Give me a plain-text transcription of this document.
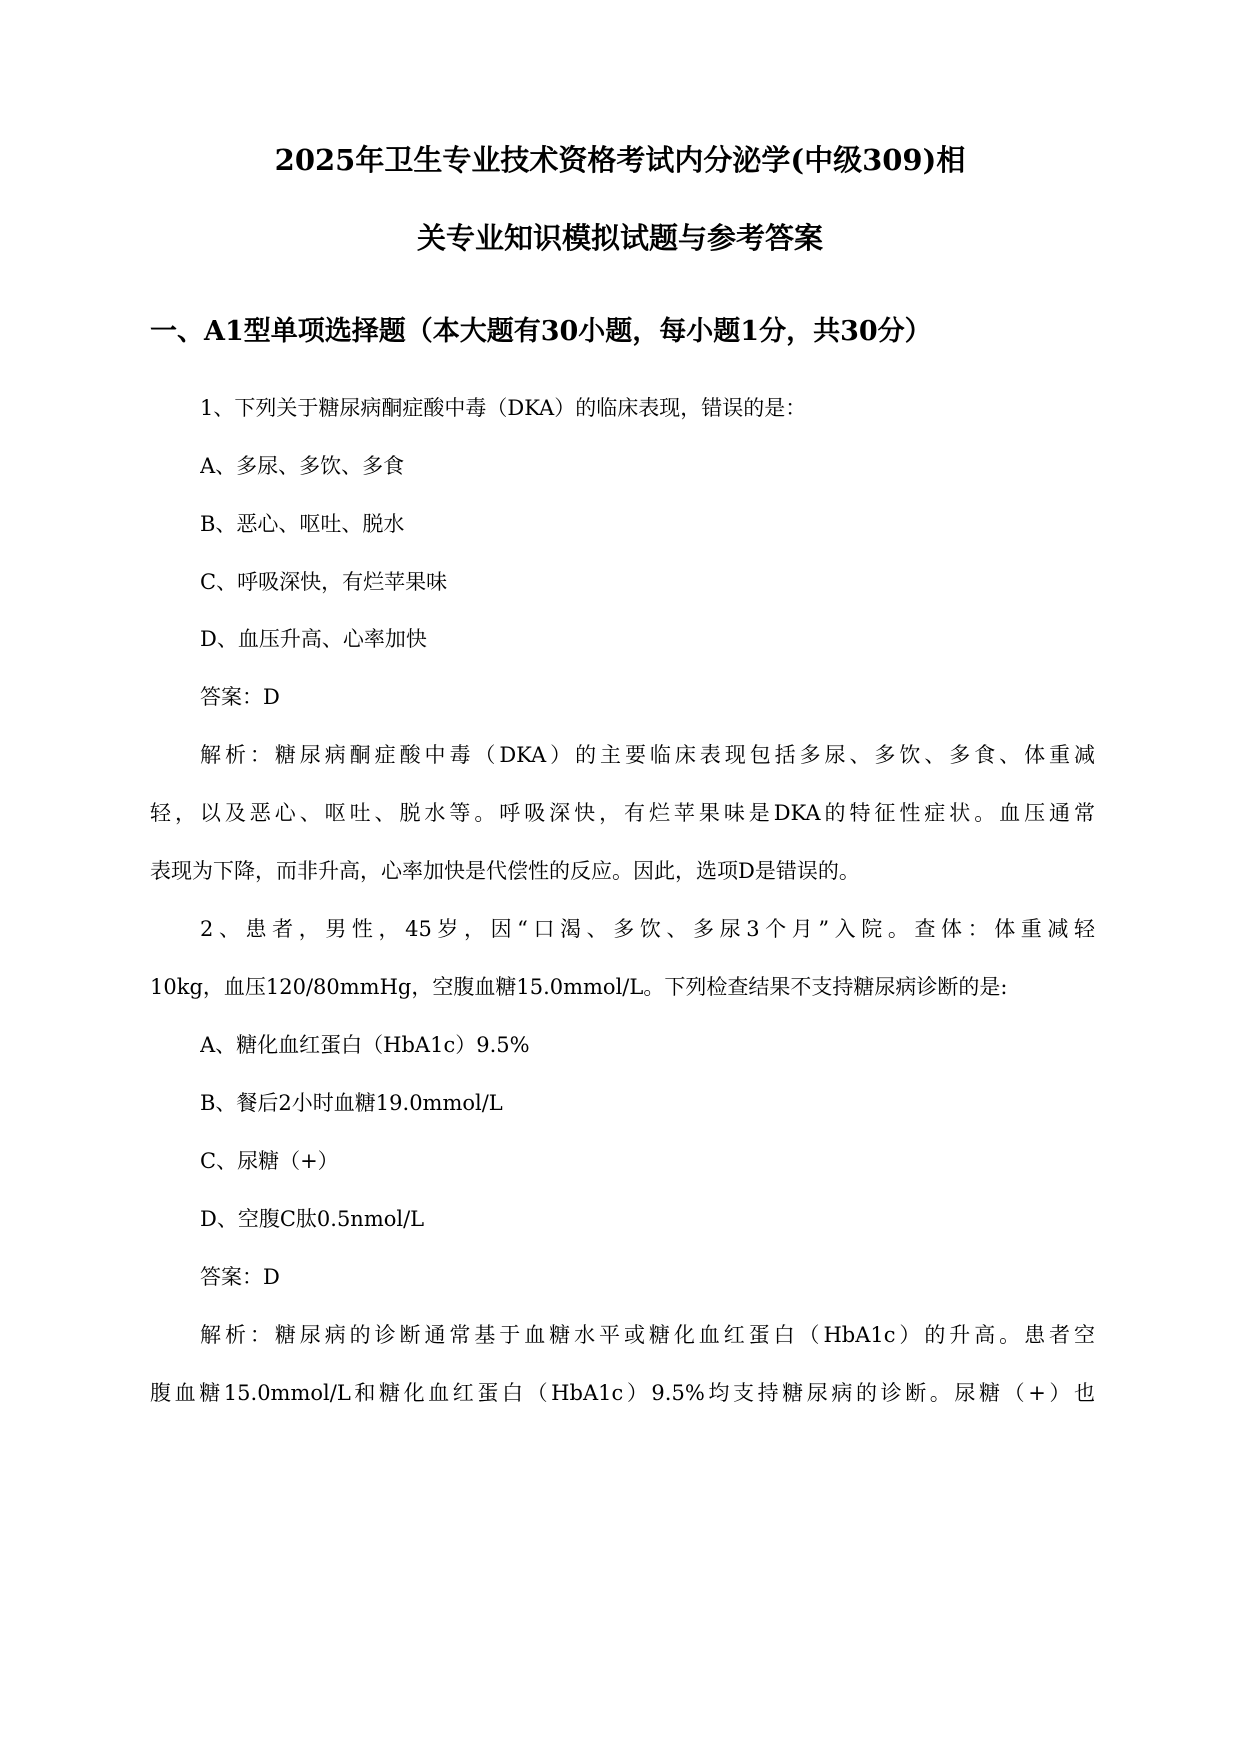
2025年卫生专业技术资格考试内分泌学(中级309)相
关专业知识模拟试题与参考答案
一、A1型单项选择题（本大题有30小题，每小题1分，共30分）
1、下列关于糖尿病酮症酸中毒（DKA）的临床表现，错误的是：
A、多尿、多饮、多食
B、恶心、呕吐、脱水
C、呼吸深快，有烂苹果味
D、血压升高、心率加快
答案：D
解析：糖尿病酮症酸中毒（DKA）的主要临床表现包括多尿、多饮、多食、体重减
轻，以及恶心、呕吐、脱水等。呼吸深快，有烂苹果味是DKA的特征性症状。血压通常
表现为下降，而非升高，心率加快是代偿性的反应。因此，选项D是错误的。
2、患者，男性，45岁，因“口渴、多饮、多尿3个月”入院。查体：体重减轻
10kg，血压120/80mmHg，空腹血糖15.0mmol/L。下列检查结果不支持糖尿病诊断的是:
A、糖化血红蛋白（HbA1c）9.5%
B、餐后2小时血糖19.0mmol/L
C、尿糖（+）
D、空腹C肽0.5nmol/L
答案：D
解析：糖尿病的诊断通常基于血糖水平或糖化血红蛋白（HbA1c）的升高。患者空
腹血糖15.0mmol/L和糖化血红蛋白（HbA1c）9.5%均支持糖尿病的诊断。尿糖（+）也
